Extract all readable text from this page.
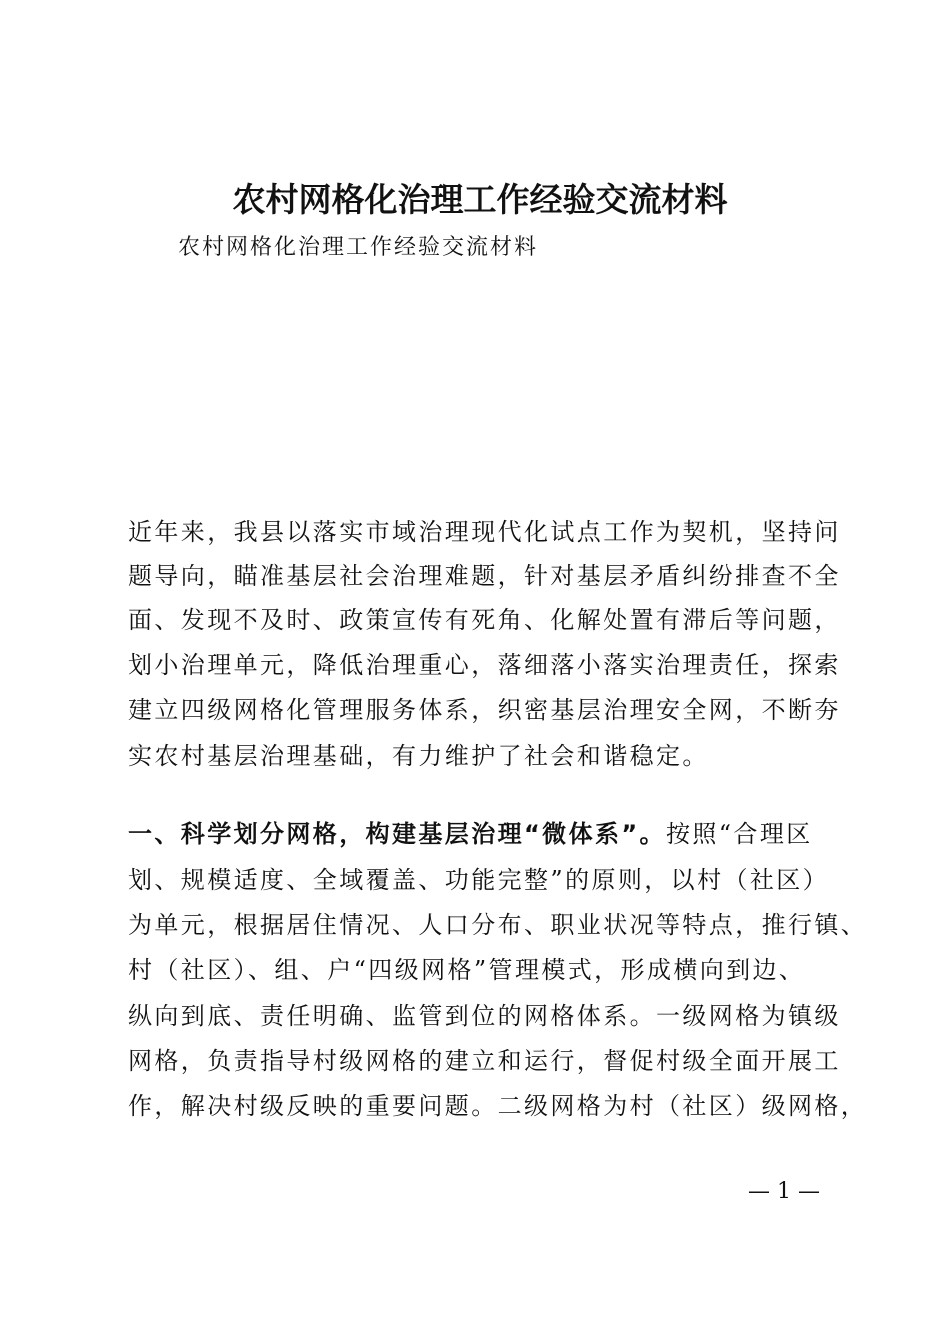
农村网格化治理工作经验交流材料

农村网格化治理工作经验交流材料

近年来，我县以落实市域治理现代化试点工作为契机，坚持问

题导向，瞄准基层社会治理难题，针对基层矛盾纠纷排查不全

面、发现不及时、政策宣传有死角、化解处置有滞后等问题，

划小治理单元，降低治理重心，落细落小落实治理责任，探索

建立四级网格化管理服务体系，织密基层治理安全网，不断夯

实农村基层治理基础，有力维护了社会和谐稳定。

一、科学划分网格，构建基层治理“微体系”。按照“合理区

划、规模适度、全域覆盖、功能完整”的原则，以村（社区）

为单元，根据居住情况、人口分布、职业状况等特点，推行镇、

村（社区）、组、户“四级网格”管理模式，形成横向到边、

纵向到底、责任明确、监管到位的网格体系。一级网格为镇级

网格，负责指导村级网格的建立和运行，督促村级全面开展工

作，解决村级反映的重要问题。二级网格为村（社区）级网格，

— 1 —
